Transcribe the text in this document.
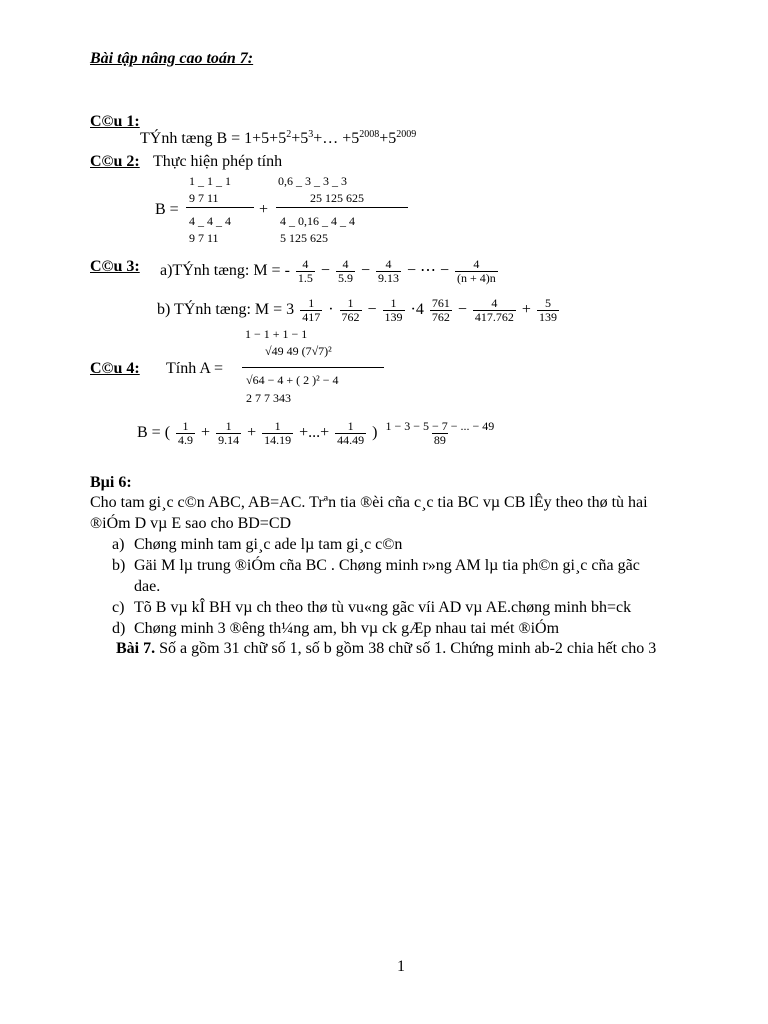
Bài tập nâng cao toán 7:
C©u 1:
TÝnh tæng $B = 1+5+5^2+5^3+\dots +5^{2008}+5^{2009}$
C©u 2: Thực hiện phép tính
B =
1 _ 1 _ 1
9 7 11
4 _ 4 _ 4
9 7 11
+
0,6 _ 3 _ 3 _ 3
25 125 625
4 _ 0,16 _ 4 _ 4
5 125 625
C©u 3: a)TÝnh tæng: M = - $\frac{4}{1.5} - \frac{4}{5.9} - \frac{4}{9.13}$ − ⋯ − $\frac{4}{(n + 4)n}$
b) TÝnh tæng: $M = 3 \frac{1}{417} \cdot \frac{1}{762} - \frac{1}{139} \cdot 4 \frac{761}{762} - \frac{4}{417.762} + \frac{5}{139}$
C©u 4: Tính A =
1 − 1 + 1 − 1
√49 49 (7√7)²
√64 − 4 + ( 2 )² − 4
2 7 7 343
B = ( $\frac{1}{4.9} + \frac{1}{9.14} + \frac{1}{14.19}$ +...+ $\frac{1}{44.49}$ ) $\frac{1 - 3 - 5 - 7 - ... - 49}{89}$
Bµi 6:
Cho tam gi¸c c©n ABC, AB=AC. Trªn tia ®èi cña c¸c tia BC vµ CB lÊy theo thø tù hai
®iÓm D vµ E sao cho BD=CD
a) Chøng minh tam gi¸c ade lµ tam gi¸c c©n
b) Gäi M lµ trung ®iÓm cña BC . Chøng minh r»ng AM lµ tia ph©n gi¸c cña gãc
dae.
c) Tõ B vµ kÎ BH vµ ch theo thø tù vu«ng gãc víi AD vµ AE.chøng minh bh=ck
d) Chøng minh 3 ®êng th¼ng am, bh vµ ck gÆp nhau tai mét ®iÓm
Bài 7. Số a gồm 31 chữ số 1, số b gồm 38 chữ số 1. Chứng minh ab-2 chia hết cho 3
1
